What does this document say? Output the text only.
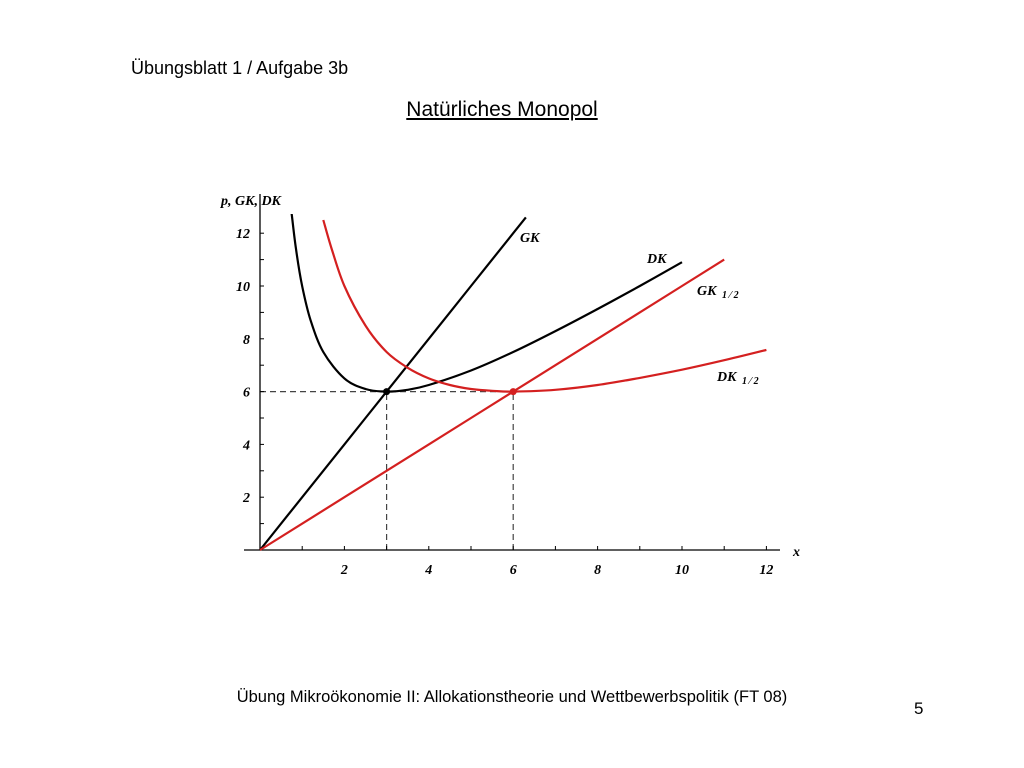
Übungsblatt 1 / Aufgabe 3b
Natürliches Monopol
2	4	6	8	10	12
2
4
6
8
10
12
p, GK, DK
x
GK
DK
GK $_{1 ⁄ 2}$
DK $_{1 ⁄ 2}$
Übung Mikroökonomie II: Allokationstheorie und Wettbewerbspolitik (FT 08)
5
